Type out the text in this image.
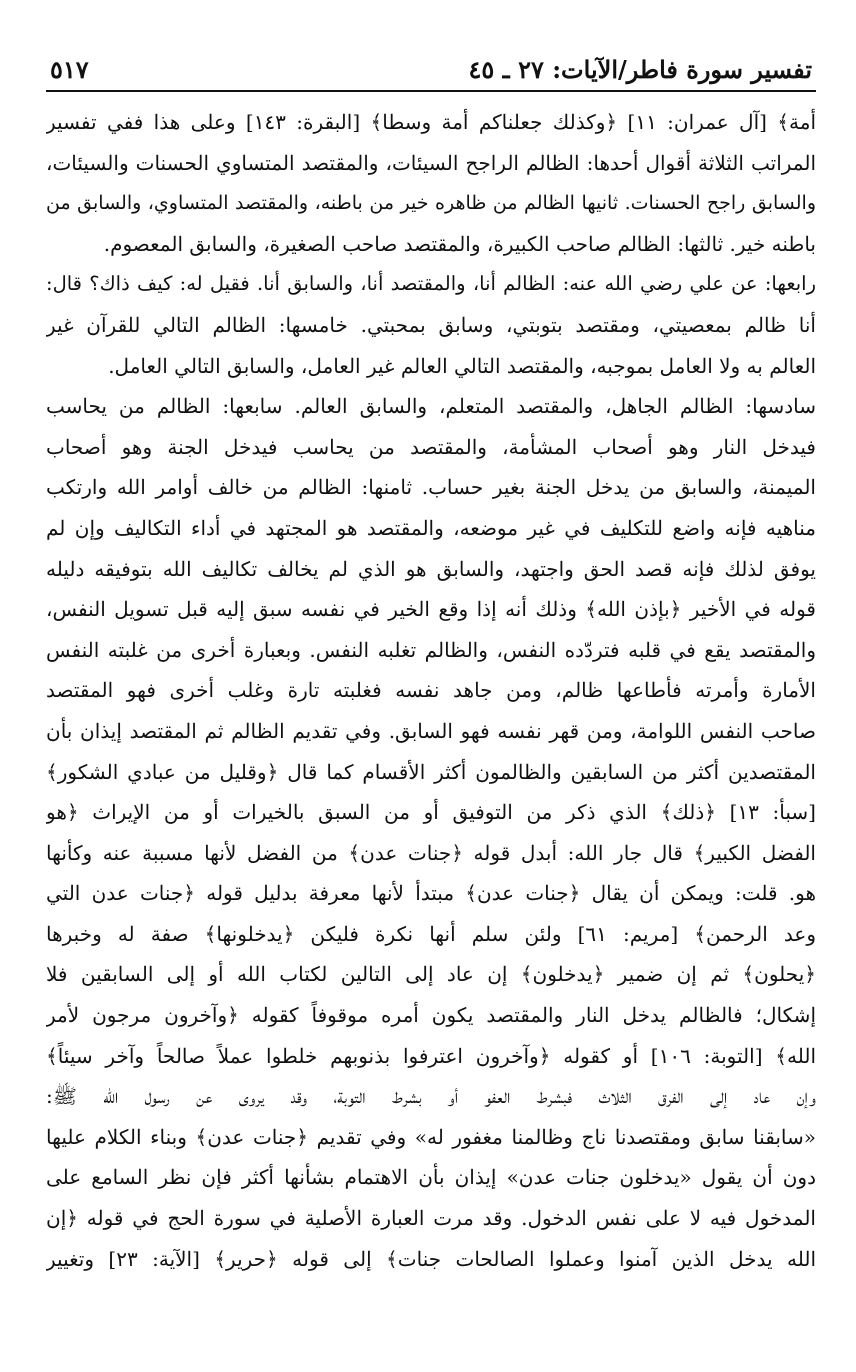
تفسير سورة فاطر/الآيات: ٢٧ ـ ٤٥
٥١٧
أمة﴾ [آل عمران: ١١] ﴿وكذلك جعلناكم أمة وسطا﴾ [البقرة: ١٤٣] وعلى هذا ففي تفسير
المراتب الثلاثة أقوال أحدها: الظالم الراجح السيئات، والمقتصد المتساوي الحسنات والسيئات،
والسابق راجح الحسنات. ثانيها الظالم من ظاهره خير من باطنه، والمقتصد المتساوي، والسابق من
باطنه خير. ثالثها: الظالم صاحب الكبيرة، والمقتصد صاحب الصغيرة، والسابق المعصوم.
رابعها: عن علي رضي الله عنه: الظالم أنا، والمقتصد أنا، والسابق أنا. فقيل له: كيف ذاك؟ قال:
أنا ظالم بمعصيتي، ومقتصد بتوبتي، وسابق بمحبتي. خامسها: الظالم التالي للقرآن غير
العالم به ولا العامل بموجبه، والمقتصد التالي العالم غير العامل، والسابق التالي العامل.
سادسها: الظالم الجاهل، والمقتصد المتعلم، والسابق العالم. سابعها: الظالم من يحاسب
فيدخل النار وهو أصحاب المشأمة، والمقتصد من يحاسب فيدخل الجنة وهو أصحاب
الميمنة، والسابق من يدخل الجنة بغير حساب. ثامنها: الظالم من خالف أوامر الله وارتكب
مناهيه فإنه واضع للتكليف في غير موضعه، والمقتصد هو المجتهد في أداء التكاليف وإن لم
يوفق لذلك فإنه قصد الحق واجتهد، والسابق هو الذي لم يخالف تكاليف الله بتوفيقه دليله
قوله في الأخير ﴿بإذن الله﴾ وذلك أنه إذا وقع الخير في نفسه سبق إليه قبل تسويل النفس،
والمقتصد يقع في قلبه فتردّده النفس، والظالم تغلبه النفس. وبعبارة أخرى من غلبته النفس
الأمارة وأمرته فأطاعها ظالم، ومن جاهد نفسه فغلبته تارة وغلب أخرى فهو المقتصد
صاحب النفس اللوامة، ومن قهر نفسه فهو السابق. وفي تقديم الظالم ثم المقتصد إيذان بأن
المقتصدين أكثر من السابقين والظالمون أكثر الأقسام كما قال ﴿وقليل من عبادي الشكور﴾
[سبأ: ١٣] ﴿ذلك﴾ الذي ذكر من التوفيق أو من السبق بالخيرات أو من الإيراث ﴿هو
الفضل الكبير﴾ قال جار الله: أبدل قوله ﴿جنات عدن﴾ من الفضل لأنها مسببة عنه وكأنها
هو. قلت: ويمكن أن يقال ﴿جنات عدن﴾ مبتدأ لأنها معرفة بدليل قوله ﴿جنات عدن التي
وعد الرحمن﴾ [مريم: ٦١] ولئن سلم أنها نكرة فليكن ﴿يدخلونها﴾ صفة له وخبرها
﴿يحلون﴾ ثم إن ضمير ﴿يدخلون﴾ إن عاد إلى التالين لكتاب الله أو إلى السابقين فلا
إشكال؛ فالظالم يدخل النار والمقتصد يكون أمره موقوفاً كقوله ﴿وآخرون مرجون لأمر
الله﴾ [التوبة: ١٠٦] أو كقوله ﴿وآخرون اعترفوا بذنوبهم خلطوا عملاً صالحاً وآخر سيئاً﴾
وإن عاد إلى الفرق الثلاث فبشرط العفو أو بشرط التوبة، وقد يروى عن رسول الله ﷺ:
«سابقنا سابق ومقتصدنا ناج وظالمنا مغفور له» وفي تقديم ﴿جنات عدن﴾ وبناء الكلام عليها
دون أن يقول «يدخلون جنات عدن» إيذان بأن الاهتمام بشأنها أكثر فإن نظر السامع على
المدخول فيه لا على نفس الدخول. وقد مرت العبارة الأصلية في سورة الحج في قوله ﴿إن
الله يدخل الذين آمنوا وعملوا الصالحات جنات﴾ إلى قوله ﴿حرير﴾ [الآية: ٢٣] وتغيير
